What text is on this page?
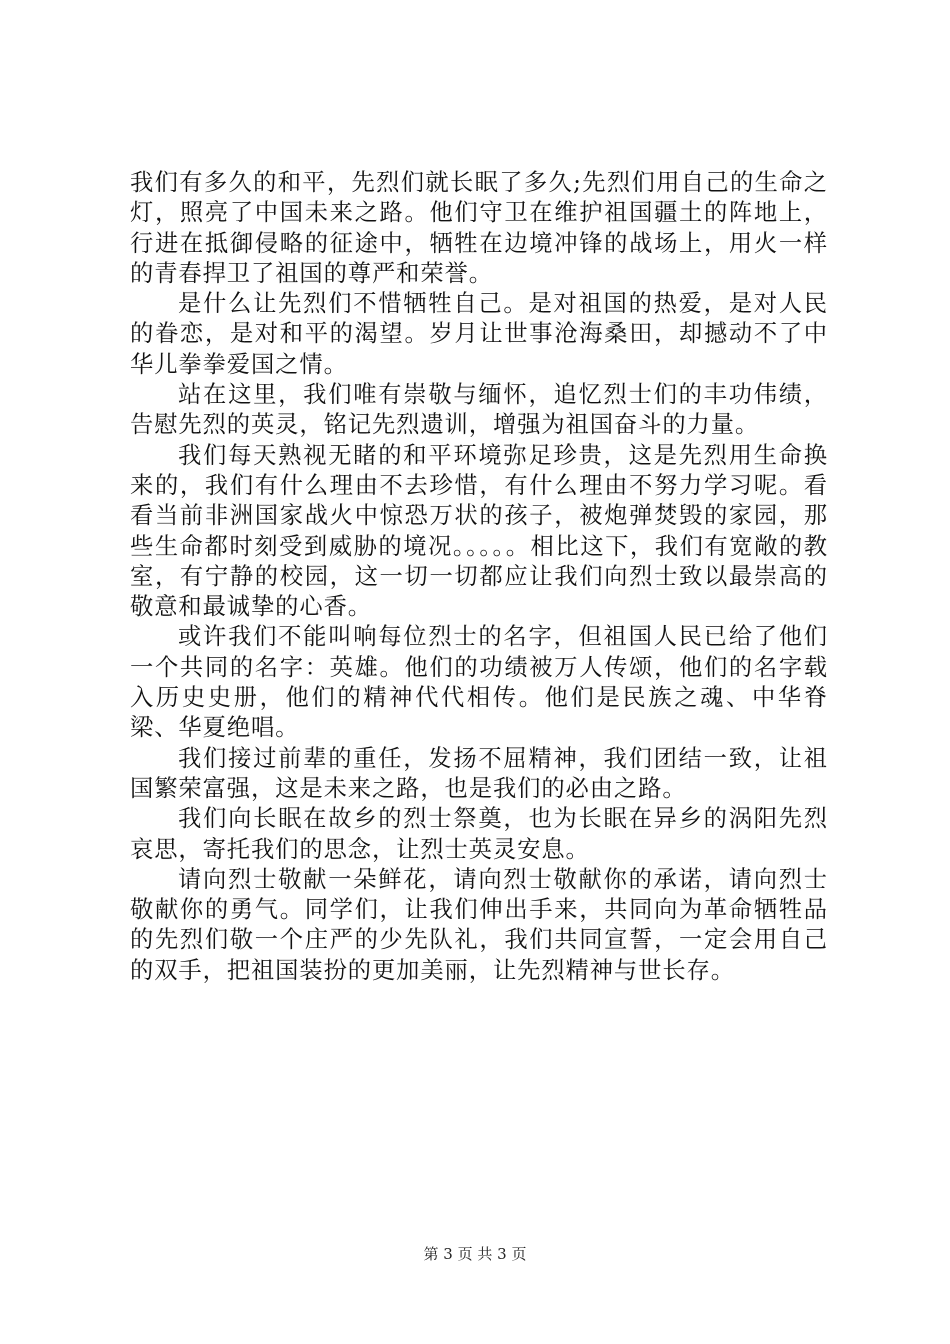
我们有多久的和平，先烈们就长眠了多久;先烈们用自己的生命之灯，照亮了中国未来之路。他们守卫在维护祖国疆土的阵地上，行进在抵御侵略的征途中，牺牲在边境冲锋的战场上，用火一样的青春捍卫了祖国的尊严和荣誉。

是什么让先烈们不惜牺牲自己。是对祖国的热爱，是对人民的眷恋，是对和平的渴望。岁月让世事沧海桑田，却撼动不了中华儿拳拳爱国之情。

站在这里，我们唯有崇敬与缅怀，追忆烈士们的丰功伟绩，告慰先烈的英灵，铭记先烈遗训，增强为祖国奋斗的力量。

我们每天熟视无睹的和平环境弥足珍贵，这是先烈用生命换来的，我们有什么理由不去珍惜，有什么理由不努力学习呢。看看当前非洲国家战火中惊恐万状的孩子，被炮弹焚毁的家园，那些生命都时刻受到威胁的境况。。。。。相比这下，我们有宽敞的教室，有宁静的校园，这一切一切都应让我们向烈士致以最崇高的敬意和最诚挚的心香。

或许我们不能叫响每位烈士的名字，但祖国人民已给了他们一个共同的名字：英雄。他们的功绩被万人传颂，他们的名字载入历史史册，他们的精神代代相传。他们是民族之魂、中华脊梁、华夏绝唱。

我们接过前辈的重任，发扬不屈精神，我们团结一致，让祖国繁荣富强，这是未来之路，也是我们的必由之路。

我们向长眠在故乡的烈士祭奠，也为长眠在异乡的涡阳先烈哀思，寄托我们的思念，让烈士英灵安息。

请向烈士敬献一朵鲜花，请向烈士敬献你的承诺，请向烈士敬献你的勇气。同学们，让我们伸出手来，共同向为革命牺牲品的先烈们敬一个庄严的少先队礼，我们共同宣誓，一定会用自己的双手，把祖国装扮的更加美丽，让先烈精神与世长存。

第 3 页 共 3 页
